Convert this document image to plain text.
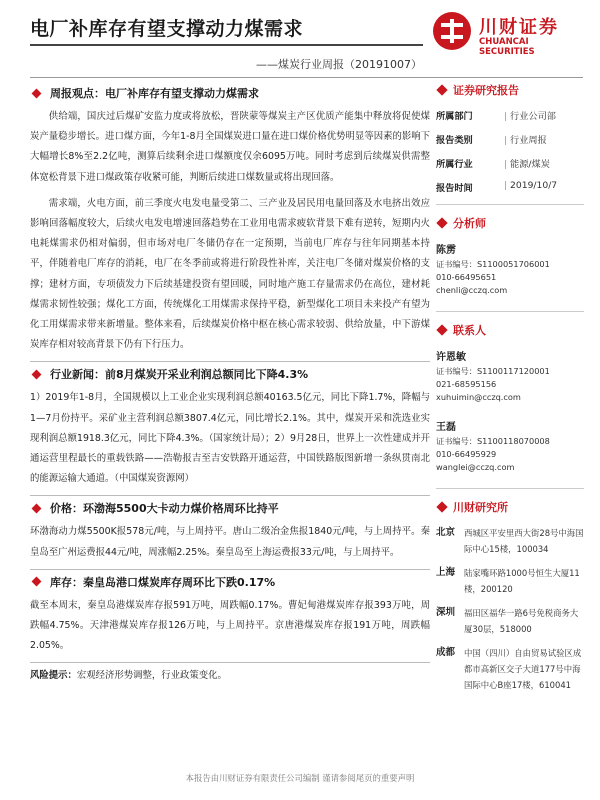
电厂补库存有望支撑动力煤需求	川财证券
CHUANCAI SECURITIES
——煤炭行业周报（20191007）
周报观点：电厂补库存有望支撑动力煤需求

供给端，国庆过后煤矿安监力度或将放松，晋陕蒙等煤炭主产区优质产能集中释放将促使煤炭产量稳步增长。进口煤方面，今年1-8月全国煤炭进口量在进口煤价格优势明显等因素的影响下大幅增长8%至2.2亿吨，测算后续剩余进口煤额度仅余6095万吨。同时考虑到后续煤炭供需整体宽松背景下进口煤政策存收紧可能，判断后续进口煤数量或将出现回落。

需求端，火电方面，前三季度火电发电量受第二、三产业及居民用电量回落及水电挤出效应影响回落幅度较大，后续火电发电增速回落趋势在工业用电需求疲软背景下难有逆转，短期内火电耗煤需求仍相对偏弱，但市场对电厂冬储仍存在一定预期，当前电厂库存与往年同期基本持平，伴随着电厂库存的消耗，电厂在冬季前或将进行阶段性补库，关注电厂冬储对煤炭价格的支撑；建材方面，专项债发力下后续基建投资有望回暖，同时地产施工存量需求仍在高位，建材耗煤需求韧性较强；煤化工方面，传统煤化工用煤需求保持平稳，新型煤化工项目未来投产有望为化工用煤需求带来新增量。整体来看，后续煤炭价格中枢在核心需求较弱、供给放量，中下游煤炭库存相对较高背景下仍有下行压力。

行业新闻：前8月煤炭开采业利润总额同比下降4.3%

1）2019年1-8月，全国规模以上工业企业实现利润总额40163.5亿元，同比下降1.7%，降幅与1—7月份持平。采矿业主营利润总额3807.4亿元，同比增长2.1%。其中，煤炭开采和洗选业实现利润总额1918.3亿元，同比下降4.3%。（国家统计局）；2）9月28日，世界上一次性建成并开通运营里程最长的重载铁路——浩勒报吉至吉安铁路开通运营，中国铁路版图新增一条纵贯南北的能源运输大通道。（中国煤炭资源网）

价格：环渤海5500大卡动力煤价格周环比持平

环渤海动力煤5500K报578元/吨，与上周持平。唐山二级冶金焦报1840元/吨，与上周持平。秦皇岛至广州运费报44元/吨，周涨幅2.25%。秦皇岛至上海运费报33元/吨，与上周持平。

库存：秦皇岛港口煤炭库存周环比下跌0.17%

截至本周末，秦皇岛港煤炭库存报591万吨，周跌幅0.17%。曹妃甸港煤炭库存报393万吨，周跌幅4.75%。天津港煤炭库存报126万吨，与上周持平。京唐港煤炭库存报191万吨，周跌幅2.05%。

风险提示：宏观经济形势调整，行业政策变化。
证券研究报告
所属部门	| 行业公司部
报告类别	| 行业周报
所属行业	| 能源/煤炭
报告时间	| 2019/10/7
分析师
陈雳
证书编号：S1100051706001
010-66495651
chenli@cczq.com
联系人
许恩敏
证书编号：S1100117120001
021-68595156
xuhuimin@cczq.com
王磊
证书编号：S1100118070008
010-66495929
wanglei@cczq.com
川财研究所
北京	西城区平安里西大街28号中海国际中心15楼，100034
上海	陆家嘴环路1000号恒生大厦11楼，200120
深圳	福田区福华一路6号免税商务大厦30层，518000
成都	中国（四川）自由贸易试验区成都市高新区交子大道177号中海国际中心B座17楼，610041
本报告由川财证券有限责任公司编制 谨请参阅尾页的重要声明
